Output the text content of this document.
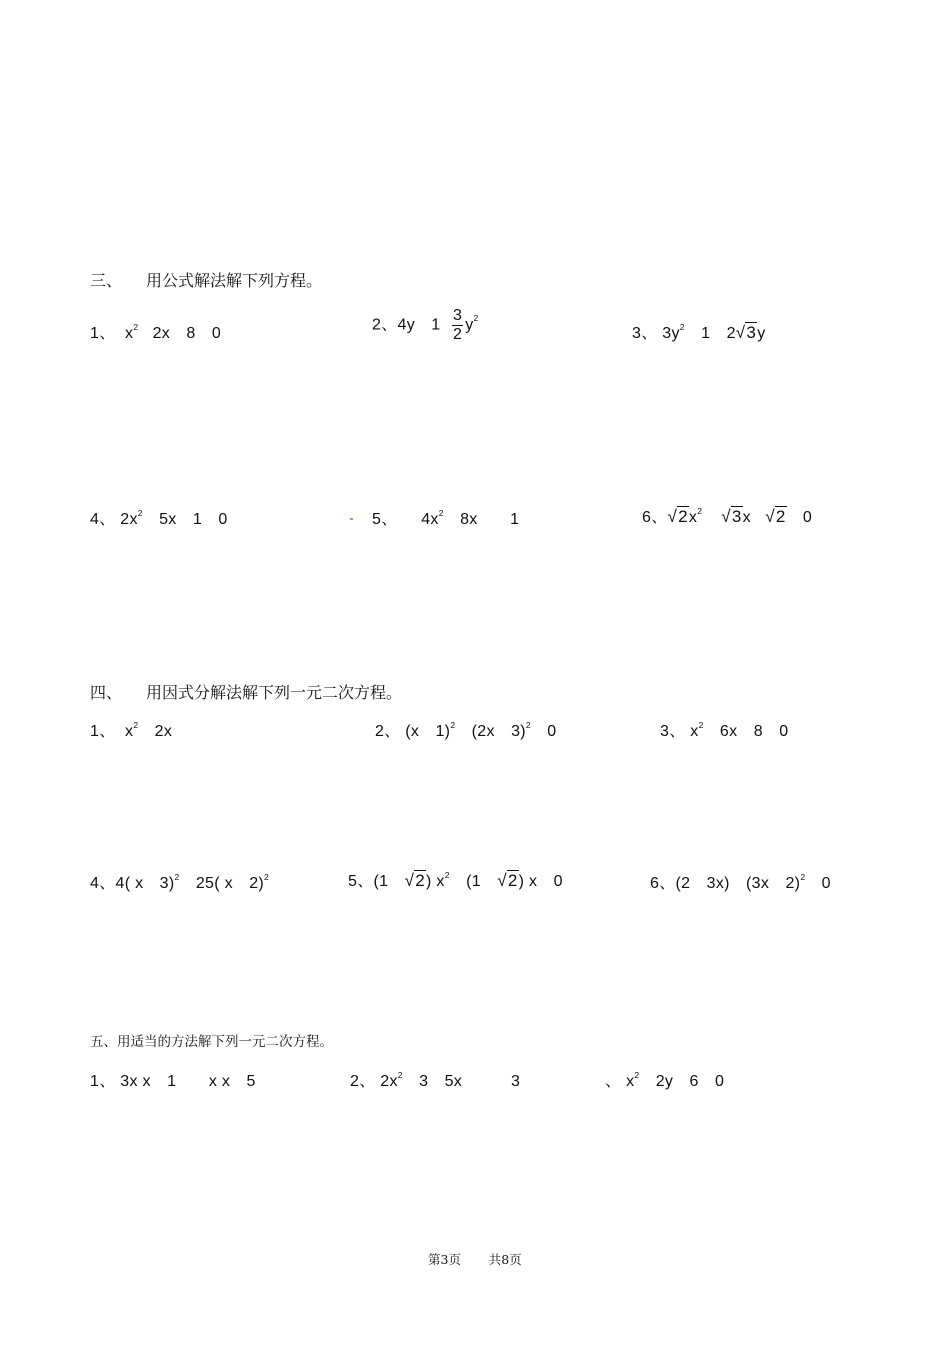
三、　　用公式解法解下列方程。
1、 $x^2$ 2x　8　0	2、4y　$1 \frac{3}{2} y^2$
3、 $3y^2$　1　2√3y
4、 $2x^2$　5x　1　0	5、 $4x^2$　8x　　1	6、$√2x^2$ √3x √2　0
四、　　用因式分解法解下列一元二次方程。
1、 $x^2$　2x	2、 (x　1)$^2$　(2x　3)$^2$　0	3、 $x^2$　6x　8　0
4、4( x　3)$^2$　25( x　2)$^2$	5、(1　√2) $x^2$　(1　√2) x　0	6、(2　3x)　(3x　2)$^2$　0
五、用适当的方法解下列一元二次方程。
1、 3x x　1　　x x　5	2、 $2x^2$　3　5x　　　3	、 $x^2$　2y　6　0
第3页 共8页
